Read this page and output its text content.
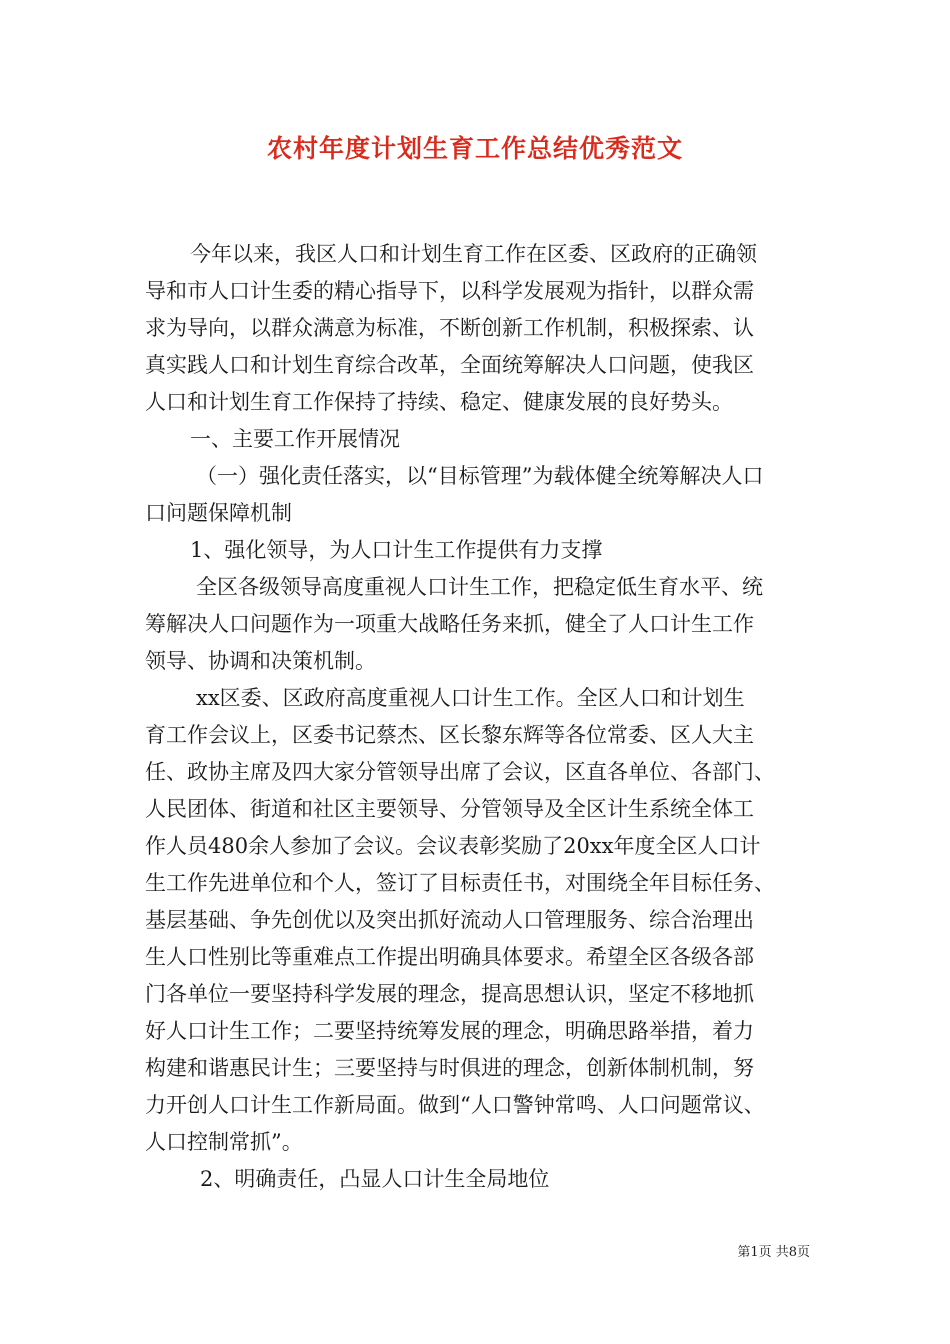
农村年度计划生育工作总结优秀范文
今年以来，我区人口和计划生育工作在区委、区政府的正确领
导和市人口计生委的精心指导下，以科学发展观为指针，以群众需
求为导向，以群众满意为标准，不断创新工作机制，积极探索、认
真实践人口和计划生育综合改革，全面统筹解决人口问题，使我区
人口和计划生育工作保持了持续、稳定、健康发展的良好势头。
一、主要工作开展情况
（一）强化责任落实，以“目标管理”为载体健全统筹解决人口
口问题保障机制
1、强化领导，为人口计生工作提供有力支撑
全区各级领导高度重视人口计生工作，把稳定低生育水平、统
筹解决人口问题作为一项重大战略任务来抓，健全了人口计生工作
领导、协调和决策机制。
xx区委、区政府高度重视人口计生工作。全区人口和计划生
育工作会议上，区委书记蔡杰、区长黎东辉等各位常委、区人大主
任、政协主席及四大家分管领导出席了会议，区直各单位、各部门、
人民团体、街道和社区主要领导、分管领导及全区计生系统全体工
作人员480余人参加了会议。会议表彰奖励了20xx年度全区人口计
生工作先进单位和个人，签订了目标责任书，对围绕全年目标任务、
基层基础、争先创优以及突出抓好流动人口管理服务、综合治理出
生人口性别比等重难点工作提出明确具体要求。希望全区各级各部
门各单位一要坚持科学发展的理念，提高思想认识，坚定不移地抓
好人口计生工作；二要坚持统筹发展的理念，明确思路举措，着力
构建和谐惠民计生；三要坚持与时俱进的理念，创新体制机制，努
力开创人口计生工作新局面。做到“人口警钟常鸣、人口问题常议、
人口控制常抓”。
2、明确责任，凸显人口计生全局地位
第1页 共8页
